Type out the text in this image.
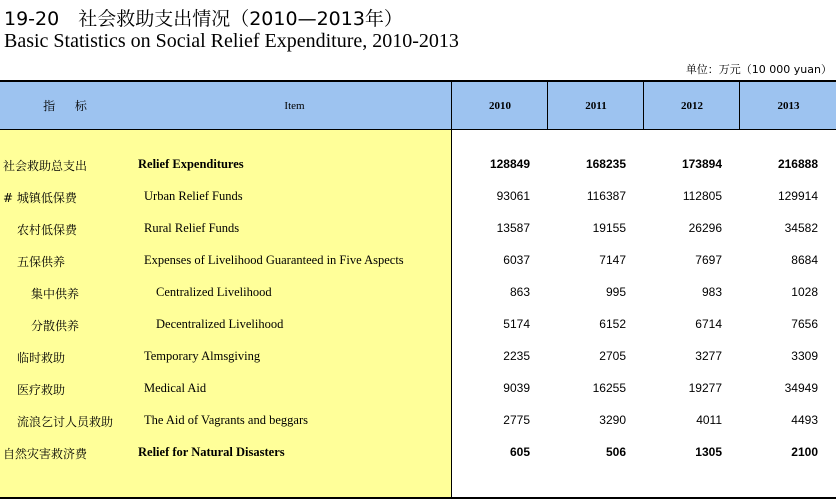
19-20　社会救助支出情况（2010—2013年）
Basic Statistics on Social Relief Expenditure, 2010-2013
单位：万元（10 000 yuan）
指 标	Item	2010	2011	2012	2013
社会救助总支出	Relief Expenditures	128849	168235	173894	216888
# 城镇低保费	Urban Relief Funds	93061	116387	112805	129914
农村低保费	Rural Relief Funds	13587	19155	26296	34582
五保供养	Expenses of Livelihood Guaranteed in Five Aspects	6037	7147	7697	8684
集中供养	Centralized Livelihood	863	995	983	1028
分散供养	Decentralized Livelihood	5174	6152	6714	7656
临时救助	Temporary Almsgiving	2235	2705	3277	3309
医疗救助	Medical Aid	9039	16255	19277	34949
流浪乞讨人员救助 The Aid of Vagrants and beggars	2775	3290	4011	4493
自然灾害救济费	Relief for Natural Disasters	605	506	1305	2100
